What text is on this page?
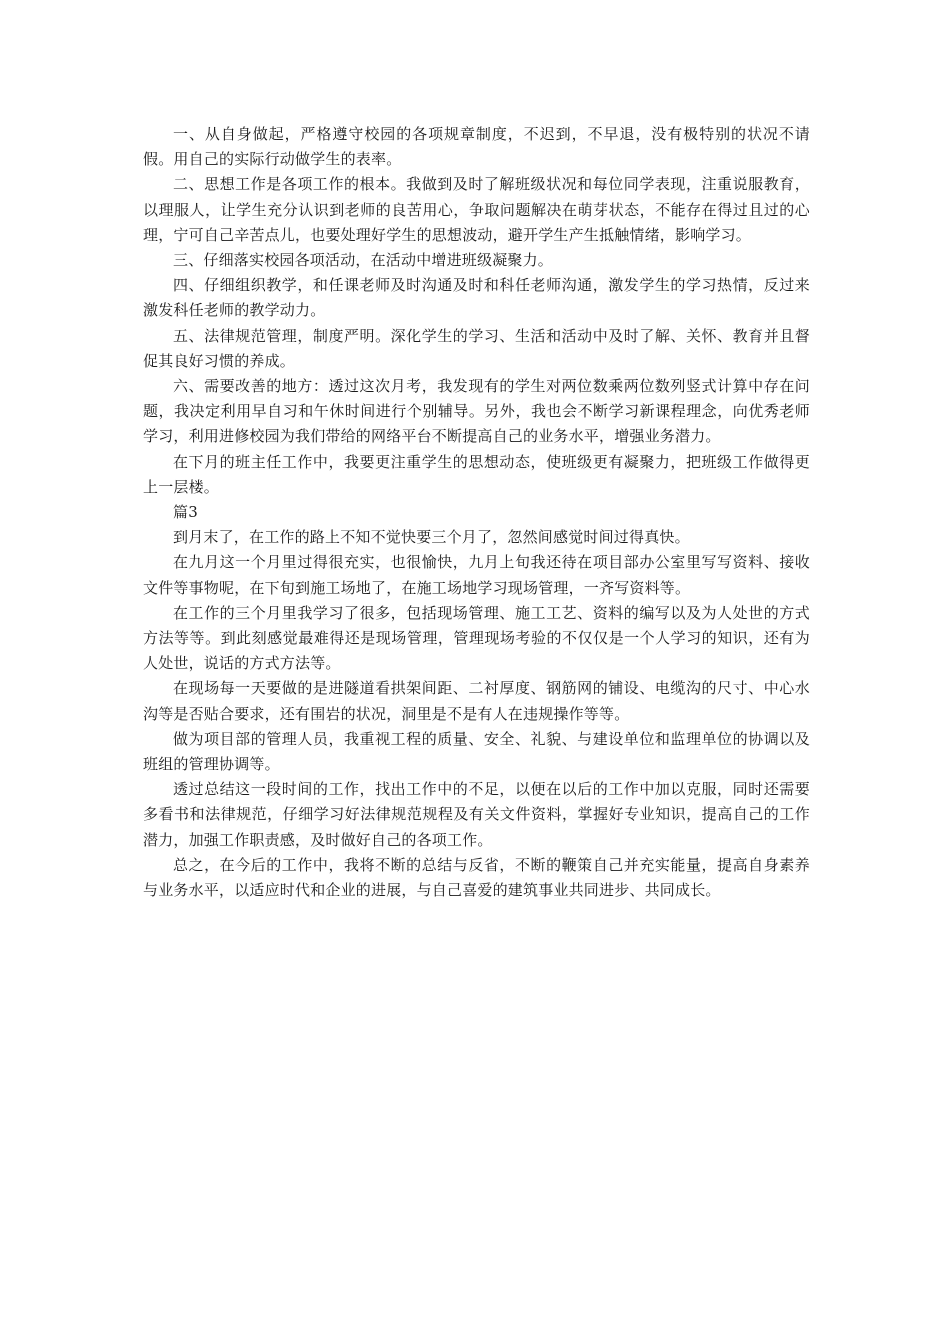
一、从自身做起，严格遵守校园的各项规章制度，不迟到，不早退，没有极特别的状况不请假。用自己的实际行动做学生的表率。

二、思想工作是各项工作的根本。我做到及时了解班级状况和每位同学表现，注重说服教育，以理服人，让学生充分认识到老师的良苦用心，争取问题解决在萌芽状态，不能存在得过且过的心理，宁可自己辛苦点儿，也要处理好学生的思想波动，避开学生产生抵触情绪，影响学习。

三、仔细落实校园各项活动，在活动中增进班级凝聚力。

四、仔细组织教学，和任课老师及时沟通及时和科任老师沟通，激发学生的学习热情，反过来激发科任老师的教学动力。

五、法律规范管理，制度严明。深化学生的学习、生活和活动中及时了解、关怀、教育并且督促其良好习惯的养成。

六、需要改善的地方：透过这次月考，我发现有的学生对两位数乘两位数列竖式计算中存在问题，我决定利用早自习和午休时间进行个别辅导。另外，我也会不断学习新课程理念，向优秀老师学习，利用进修校园为我们带给的网络平台不断提高自己的业务水平，增强业务潜力。

在下月的班主任工作中，我要更注重学生的思想动态，使班级更有凝聚力，把班级工作做得更上一层楼。

篇3

到月末了，在工作的路上不知不觉快要三个月了，忽然间感觉时间过得真快。

在九月这一个月里过得很充实，也很愉快，九月上旬我还待在项目部办公室里写写资料、接收文件等事物呢，在下旬到施工场地了，在施工场地学习现场管理，一齐写资料等。

在工作的三个月里我学习了很多，包括现场管理、施工工艺、资料的编写以及为人处世的方式方法等等。到此刻感觉最难得还是现场管理，管理现场考验的不仅仅是一个人学习的知识，还有为人处世，说话的方式方法等。

在现场每一天要做的是进隧道看拱架间距、二衬厚度、钢筋网的铺设、电缆沟的尺寸、中心水沟等是否贴合要求，还有围岩的状况，洞里是不是有人在违规操作等等。

做为项目部的管理人员，我重视工程的质量、安全、礼貌、与建设单位和监理单位的协调以及班组的管理协调等。

透过总结这一段时间的工作，找出工作中的不足，以便在以后的工作中加以克服，同时还需要多看书和法律规范，仔细学习好法律规范规程及有关文件资料，掌握好专业知识，提高自己的工作潜力，加强工作职责感，及时做好自己的各项工作。

总之，在今后的工作中，我将不断的总结与反省，不断的鞭策自己并充实能量，提高自身素养与业务水平，以适应时代和企业的进展，与自己喜爱的建筑事业共同进步、共同成长。
